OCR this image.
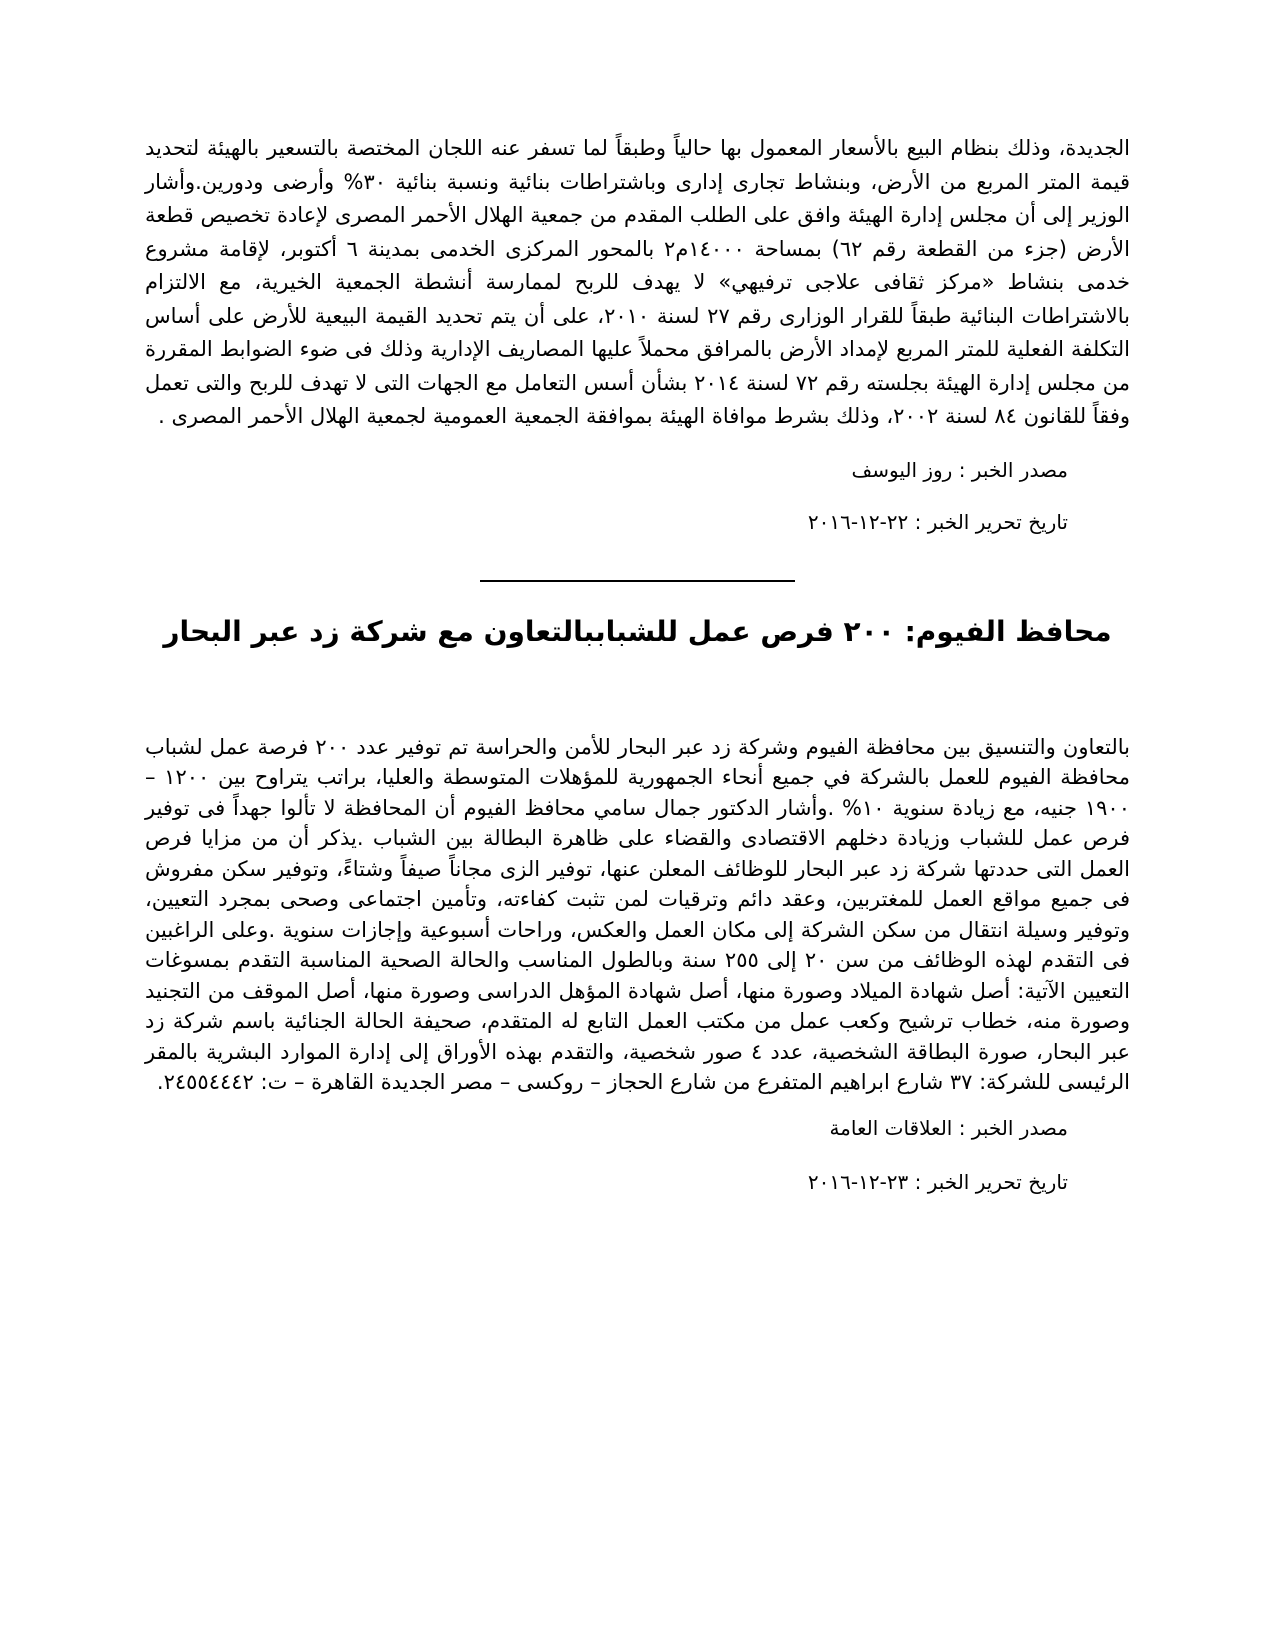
الجديدة، وذلك بنظام البيع بالأسعار المعمول بها حالياً وطبقاً لما تسفر عنه اللجان المختصة بالتسعير بالهيئة لتحديد قيمة المتر المربع من الأرض، وبنشاط تجارى إدارى وباشتراطات بنائية ونسبة بنائية ٣٠% وأرضى ودورين.وأشار الوزير إلى أن مجلس إدارة الهيئة وافق على الطلب المقدم من جمعية الهلال الأحمر المصرى لإعادة تخصيص قطعة الأرض (جزء من القطعة رقم ٦٢) بمساحة ١٤٠٠٠م٢ بالمحور المركزى الخدمى بمدينة ٦ أكتوبر، لإقامة مشروع خدمى بنشاط «مركز ثقافى علاجى ترفيهي» لا يهدف للربح لممارسة أنشطة الجمعية الخيرية، مع الالتزام بالاشتراطات البنائية طبقاً للقرار الوزارى رقم ٢٧ لسنة ٢٠١٠، على أن يتم تحديد القيمة البيعية للأرض على أساس التكلفة الفعلية للمتر المربع لإمداد الأرض بالمرافق محملاً عليها المصاريف الإدارية وذلك فى ضوء الضوابط المقررة من مجلس إدارة الهيئة بجلسته رقم ٧٢ لسنة ٢٠١٤ بشأن أسس التعامل مع الجهات التى لا تهدف للربح والتى تعمل وفقاً للقانون ٨٤ لسنة ٢٠٠٢، وذلك بشرط موافاة الهيئة بموافقة الجمعية العمومية لجمعية الهلال الأحمر المصرى .

مصدر الخبر : روز اليوسف

تاريخ تحرير الخبر : ٢٢-١٢-٢٠١٦

محافظ الفيوم: ٢٠٠ فرص عمل للشباببالتعاون مع شركة زد عبر البحار

بالتعاون والتنسيق بين محافظة الفيوم وشركة زد عبر البحار للأمن والحراسة تم توفير عدد ٢٠٠ فرصة عمل لشباب محافظة الفيوم للعمل بالشركة في جميع أنحاء الجمهورية للمؤهلات المتوسطة والعليا، براتب يتراوح بين ١٢٠٠ – ١٩٠٠ جنيه، مع زيادة سنوية ١٠% .وأشار الدكتور جمال سامي محافظ الفيوم أن المحافظة لا تألوا جهداً فى توفير فرص عمل للشباب وزيادة دخلهم الاقتصادى والقضاء على ظاهرة البطالة بين الشباب .يذكر أن من مزايا فرص العمل التى حددتها شركة زد عبر البحار للوظائف المعلن عنها، توفير الزى مجاناً صيفاً وشتاءً، وتوفير سكن مفروش فى جميع مواقع العمل للمغتربين، وعقد دائم وترقيات لمن تثبت كفاءته، وتأمين اجتماعى وصحى بمجرد التعيين، وتوفير وسيلة انتقال من سكن الشركة إلى مكان العمل والعكس، وراحات أسبوعية وإجازات سنوية .وعلى الراغبين فى التقدم لهذه الوظائف من سن ٢٠ إلى ٢٥٥ سنة وبالطول المناسب والحالة الصحية المناسبة التقدم بمسوغات التعيين الآتية: أصل شهادة الميلاد وصورة منها، أصل شهادة المؤهل الدراسى وصورة منها، أصل الموقف من التجنيد وصورة منه، خطاب ترشيح وكعب عمل من مكتب العمل التابع له المتقدم، صحيفة الحالة الجنائية باسم شركة زد عبر البحار، صورة البطاقة الشخصية، عدد ٤ صور شخصية، والتقدم بهذه الأوراق إلى إدارة الموارد البشرية بالمقر الرئيسى للشركة: ٣٧ شارع ابراهيم المتفرع من شارع الحجاز – روكسى – مصر الجديدة القاهرة – ت: ٢٤٥٥٤٤٤٢.

مصدر الخبر : العلاقات العامة

تاريخ تحرير الخبر : ٢٣-١٢-٢٠١٦
